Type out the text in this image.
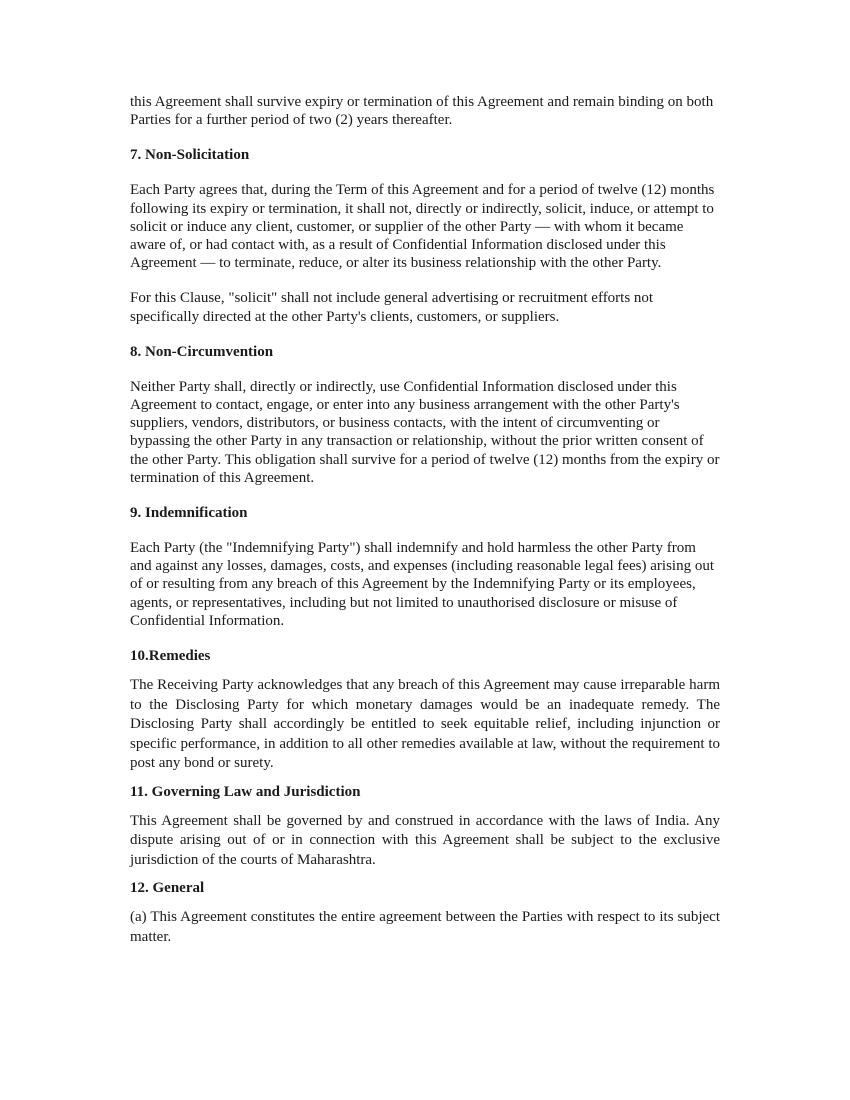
this Agreement shall survive expiry or termination of this Agreement and remain binding on both Parties for a further period of two (2) years thereafter.

7. Non-Solicitation

Each Party agrees that, during the Term of this Agreement and for a period of twelve (12) months following its expiry or termination, it shall not, directly or indirectly, solicit, induce, or attempt to solicit or induce any client, customer, or supplier of the other Party — with whom it became aware of, or had contact with, as a result of Confidential Information disclosed under this Agreement — to terminate, reduce, or alter its business relationship with the other Party.

For this Clause, "solicit" shall not include general advertising or recruitment efforts not specifically directed at the other Party's clients, customers, or suppliers.

8. Non-Circumvention

Neither Party shall, directly or indirectly, use Confidential Information disclosed under this Agreement to contact, engage, or enter into any business arrangement with the other Party's suppliers, vendors, distributors, or business contacts, with the intent of circumventing or bypassing the other Party in any transaction or relationship, without the prior written consent of the other Party. This obligation shall survive for a period of twelve (12) months from the expiry or termination of this Agreement.

9. Indemnification

Each Party (the "Indemnifying Party") shall indemnify and hold harmless the other Party from and against any losses, damages, costs, and expenses (including reasonable legal fees) arising out of or resulting from any breach of this Agreement by the Indemnifying Party or its employees, agents, or representatives, including but not limited to unauthorised disclosure or misuse of Confidential Information.

10.Remedies

The Receiving Party acknowledges that any breach of this Agreement may cause irreparable harm to the Disclosing Party for which monetary damages would be an inadequate remedy. The Disclosing Party shall accordingly be entitled to seek equitable relief, including injunction or specific performance, in addition to all other remedies available at law, without the requirement to post any bond or surety.

11. Governing Law and Jurisdiction

This Agreement shall be governed by and construed in accordance with the laws of India. Any dispute arising out of or in connection with this Agreement shall be subject to the exclusive jurisdiction of the courts of Maharashtra.

12. General

(a) This Agreement constitutes the entire agreement between the Parties with respect to its subject matter.
